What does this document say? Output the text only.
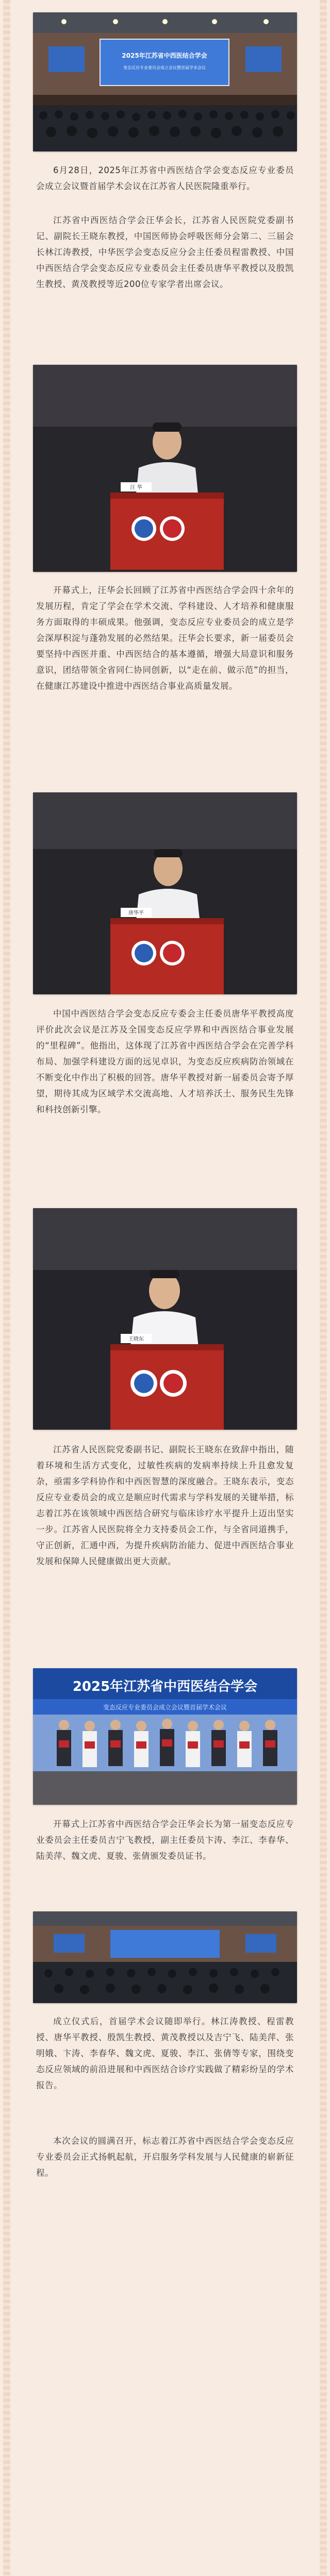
2025年江苏省中西医结合学会
变态反应专业委员会成立会议暨首届学术会议

6月28日，2025年江苏省中西医结合学会变态反应专业委员会成立会议暨首届学术会议在江苏省人民医院隆重举行。

江苏省中西医结合学会汪华会长，江苏省人民医院党委副书记、副院长王晓东教授，中国医师协会呼吸医师分会第二、三届会长林江涛教授，中华医学会变态反应分会主任委员程雷教授、中国中西医结合学会变态反应专业委员会主任委员唐华平教授以及殷凯生教授、黄茂教授等近200位专家学者出席会议。

汪 华

开幕式上，汪华会长回顾了江苏省中西医结合学会四十余年的发展历程，肯定了学会在学术交流、学科建设、人才培养和健康服务方面取得的丰硕成果。他强调，变态反应专业委员会的成立是学会深厚积淀与蓬勃发展的必然结果。汪华会长要求，新一届委员会要坚持中西医并重、中西医结合的基本遵循，增强大局意识和服务意识，团结带领全省同仁协同创新，以“走在前、做示范”的担当，在健康江苏建设中推进中西医结合事业高质量发展。

唐华平

中国中西医结合学会变态反应专委会主任委员唐华平教授高度评价此次会议是江苏及全国变态反应学界和中西医结合事业发展的“里程碑”。他指出，这体现了江苏省中西医结合学会在完善学科布局、加强学科建设方面的远见卓识，为变态反应疾病防治领域在不断变化中作出了积极的回答。唐华平教授对新一届委员会寄予厚望，期待其成为区域学术交流高地、人才培养沃土、服务民生先锋和科技创新引擎。

王晓东

江苏省人民医院党委副书记、副院长王晓东在致辞中指出，随着环境和生活方式变化，过敏性疾病的发病率持续上升且愈发复杂，亟需多学科协作和中西医智慧的深度融合。王晓东表示，变态反应专业委员会的成立是顺应时代需求与学科发展的关键举措，标志着江苏在该领域中西医结合研究与临床诊疗水平提升上迈出坚实一步。江苏省人民医院将全力支持委员会工作，与全省同道携手，守正创新，汇通中西，为提升疾病防治能力、促进中西医结合事业发展和保障人民健康做出更大贡献。

2025年江苏省中西医结合学会
变态反应专业委员会成立会议暨首届学术会议

开幕式上江苏省中西医结合学会汪华会长为第一届变态反应专业委员会主任委员吉宁飞教授，副主任委员卞涛、李江、李春华、陆美萍、魏文虎、夏骏、张倩颁发委员证书。

成立仪式后，首届学术会议随即举行。林江涛教授、程雷教授、唐华平教授、殷凯生教授、黄茂教授以及吉宁飞、陆美萍、张明娥、卞涛、李春华、魏文虎、夏骏、李江、张倩等专家，围绕变态反应领域的前沿进展和中西医结合诊疗实践做了精彩纷呈的学术报告。

本次会议的圆满召开，标志着江苏省中西医结合学会变态反应专业委员会正式扬帆起航，开启服务学科发展与人民健康的崭新征程。
